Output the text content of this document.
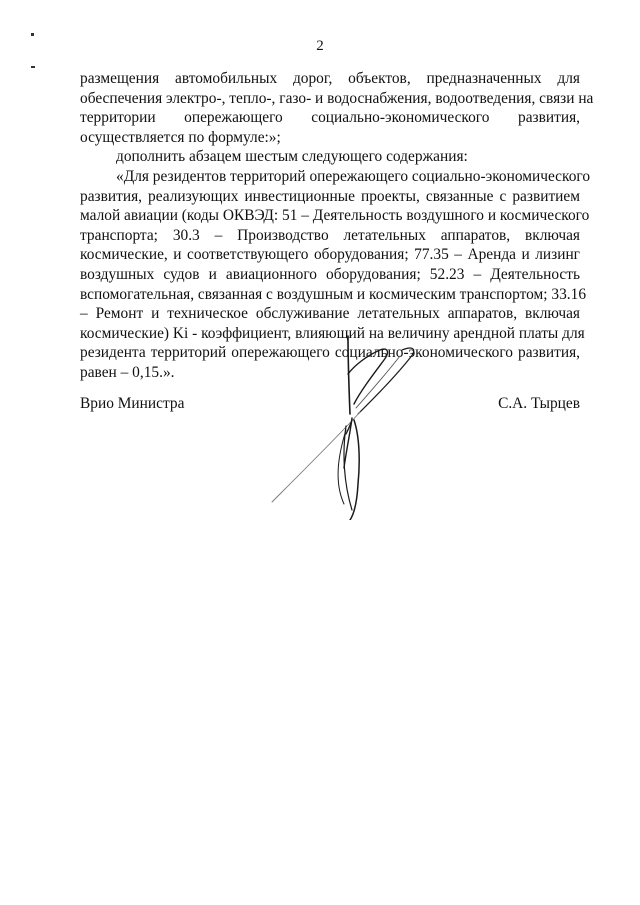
2
размещения автомобильных дорог, объектов, предназначенных для
обеспечения электро-, тепло-, газо- и водоснабжения, водоотведения, связи на
территории опережающего социально-экономического развития,
осуществляется по формуле:»;
дополнить абзацем шестым следующего содержания:
«Для резидентов территорий опережающего социально-экономического
развития, реализующих инвестиционные проекты, связанные с развитием
малой авиации (коды ОКВЭД: 51 – Деятельность воздушного и космического
транспорта; 30.3 – Производство летательных аппаратов, включая
космические, и соответствующего оборудования; 77.35 – Аренда и лизинг
воздушных судов и авиационного оборудования; 52.23 – Деятельность
вспомогательная, связанная с воздушным и космическим транспортом; 33.16
– Ремонт и техническое обслуживание летательных аппаратов, включая
космические) Ki - коэффициент, влияющий на величину арендной платы для
резидента территорий опережающего социально-экономического развития,
равен – 0,15.».
Врио Министра	С.А. Тырцев
